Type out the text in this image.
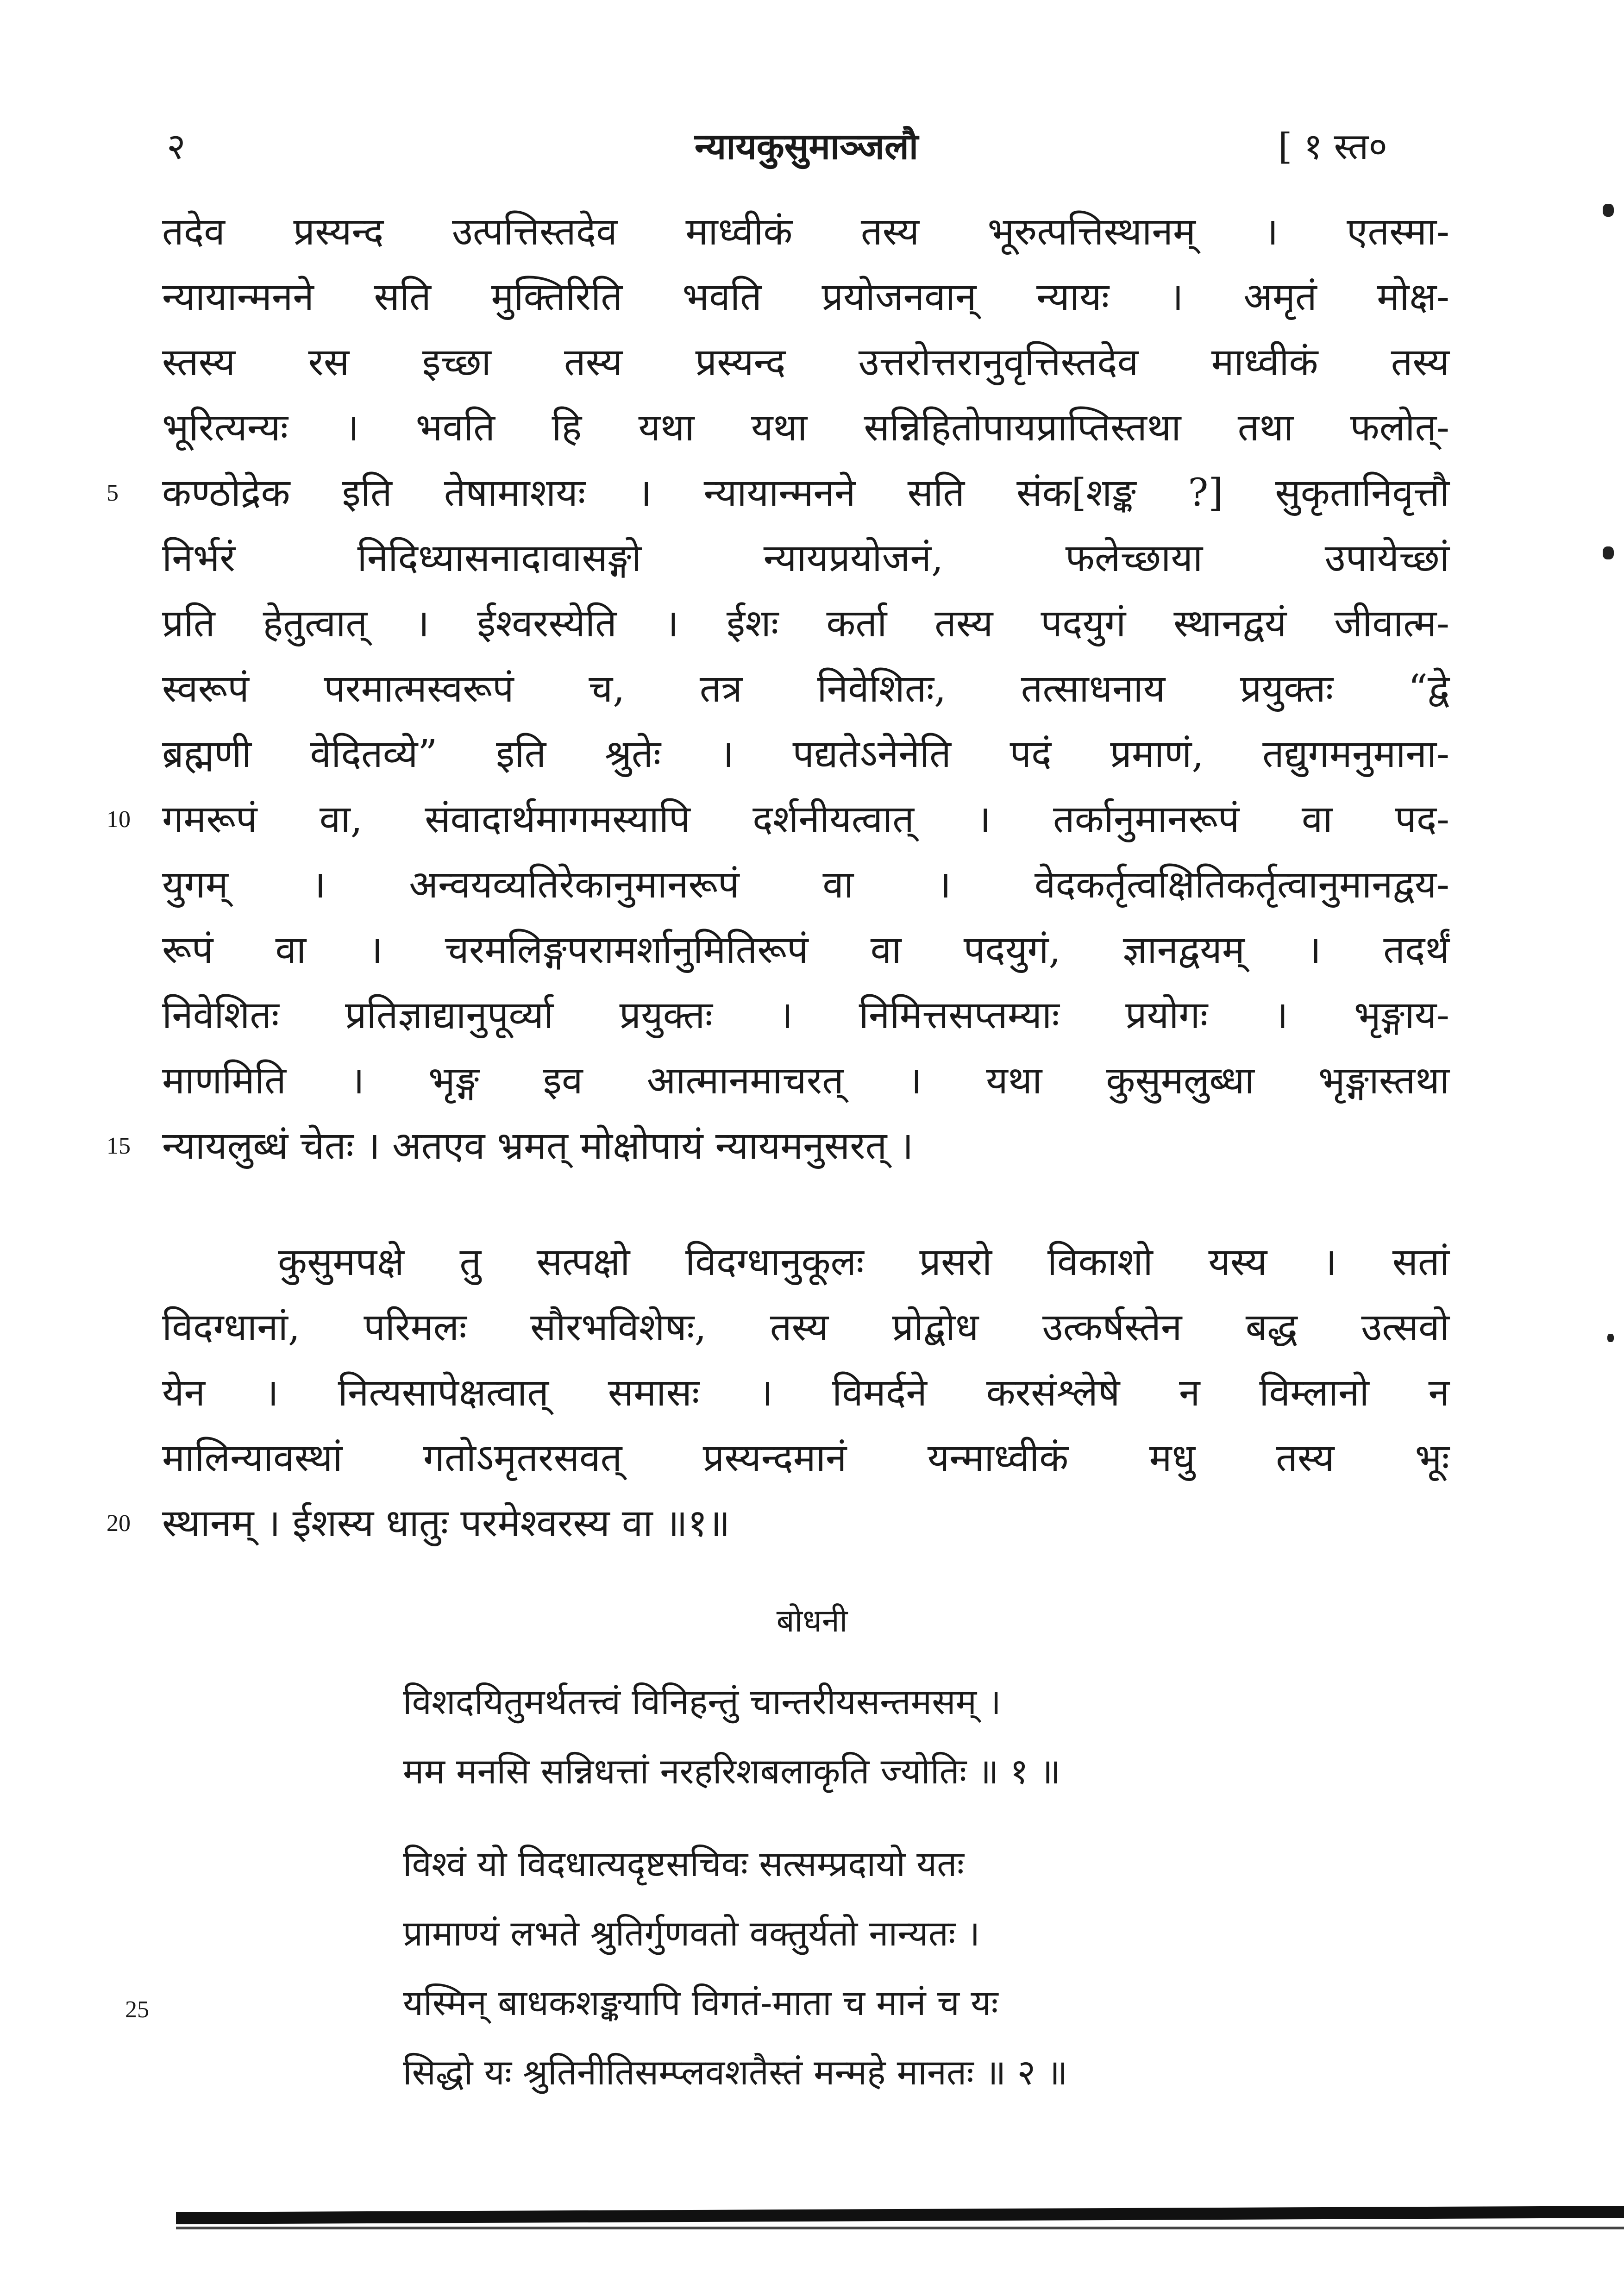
२	न्यायकुसुमाञ्जलौ	[ १ स्त०
तदेव प्रस्यन्द उत्पत्तिस्तदेव माध्वीकं तस्य भूरुत्पत्तिस्थानम् । एतस्मा-
न्यायान्मनने सति मुक्तिरिति भवति प्रयोजनवान् न्यायः । अमृतं मोक्ष-
स्तस्य रस इच्छा तस्य प्रस्यन्द उत्तरोत्तरानुवृत्तिस्तदेव माध्वीकं तस्य
भूरित्यन्यः । भवति हि यथा यथा सन्निहितोपायप्राप्तिस्तथा तथा फलोत्-
5	कण्ठोद्रेक इति तेषामाशयः । न्यायान्मनने सति संक[शङ्क ?] सुकृतानिवृत्तौ
निर्भरं निदिध्यासनादावासङ्गो न्यायप्रयोजनं, फलेच्छाया उपायेच्छां
प्रति हेतुत्वात् । ईश्वरस्येति । ईशः कर्ता तस्य पदयुगं स्थानद्वयं जीवात्म-
स्वरूपं परमात्मस्वरूपं च, तत्र निवेशितः, तत्साधनाय प्रयुक्तः “द्वे
ब्रह्मणी वेदितव्ये” इति श्रुतेः । पद्यतेऽनेनेति पदं प्रमाणं, तद्युगमनुमाना-
10 गमरूपं वा, संवादार्थमागमस्यापि दर्शनीयत्वात् । तर्कानुमानरूपं वा पद-
युगम् । अन्वयव्यतिरेकानुमानरूपं वा । वेदकर्तृत्वक्षितिकर्तृत्वानुमानद्वय-
रूपं वा । चरमलिङ्गपरामर्शानुमितिरूपं वा पदयुगं, ज्ञानद्वयम् । तदर्थं
निवेशितः प्रतिज्ञाद्यानुपूर्व्या प्रयुक्तः । निमित्तसप्तम्याः प्रयोगः । भृङ्गाय-
माणमिति । भृङ्ग इव आत्मानमाचरत् । यथा कुसुमलुब्धा भृङ्गास्तथा
15 न्यायलुब्धं चेतः । अतएव भ्रमत् मोक्षोपायं न्यायमनुसरत् ।
कुसुमपक्षे तु सत्पक्षो विदग्धानुकूलः प्रसरो विकाशो यस्य । सतां
विदग्धानां, परिमलः सौरभविशेषः, तस्य प्रोद्बोध उत्कर्षस्तेन बद्ध उत्सवो
येन । नित्यसापेक्षत्वात् समासः । विमर्दने करसंश्लेषे न विम्लानो न
मालिन्यावस्थां गतोऽमृतरसवत् प्रस्यन्दमानं यन्माध्वीकं मधु तस्य भूः
20 स्थानम् । ईशस्य धातुः परमेश्वरस्य वा ॥१॥
बोधनी
विशदयितुमर्थतत्त्वं विनिहन्तुं चान्तरीयसन्तमसम् ।
मम मनसि सन्निधत्तां नरहरिशबलाकृति ज्योतिः ॥ १ ॥
विश्वं यो विदधात्यदृष्टसचिवः सत्सम्प्रदायो यतः
प्रामाण्यं लभते श्रुतिर्गुणवतो वक्तुर्यतो नान्यतः ।
यस्मिन् बाधकशङ्कयापि विगतं-माता च मानं च यः
सिद्धो यः श्रुतिनीतिसम्प्लवशतैस्तं मन्महे मानतः ॥ २ ॥
25
